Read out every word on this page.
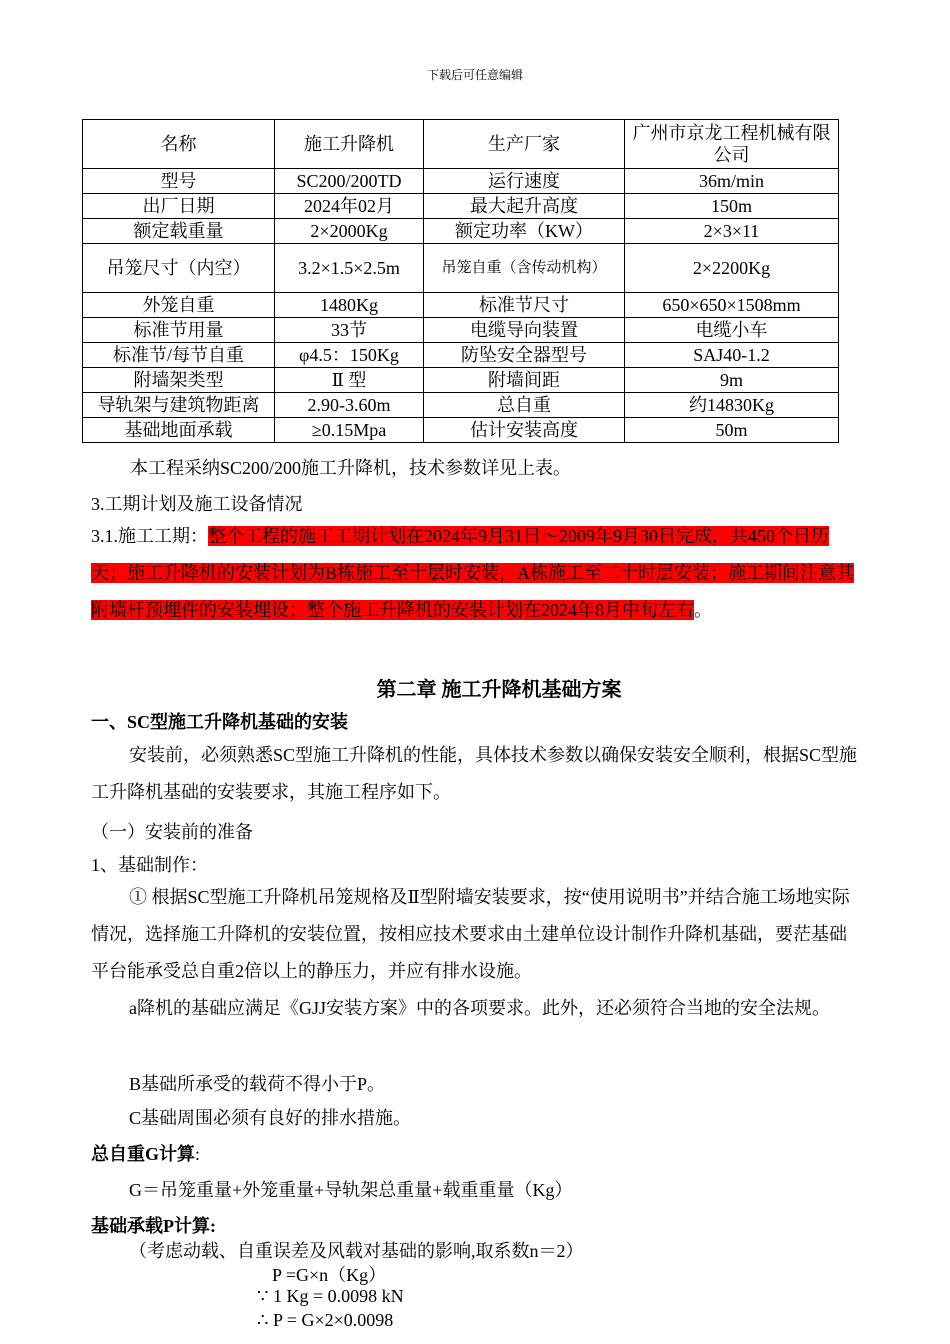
下载后可任意编辑
名称	施工升降机	生产厂家	广州市京龙工程机械有限公司
型号	SC200/200TD	运行速度	36m/min
出厂日期	2024年02月	最大起升高度	150m
额定载重量	2×2000Kg	额定功率（KW）	2×3×11
吊笼尺寸（内空）	3.2×1.5×2.5m	吊笼自重（含传动机构）	2×2200Kg
外笼自重	1480Kg	标准节尺寸	650×650×1508mm
标准节用量	33节	电缆导向装置	电缆小车
标准节/每节自重	φ4.5：150Kg	防坠安全器型号	SAJ40-1.2
附墙架类型	Ⅱ 型	附墙间距	9m
导轨架与建筑物距离	2.90-3.60m	总自重	约14830Kg
基础地面承载	≥0.15Mpa	估计安装高度	50m
本工程采纳SC200/200施工升降机，技术参数详见上表。
3.工期计划及施工设备情况
3.1.施工工期：整个工程的施工工期计划在2024年9月31日～2009年9月30日完成，共450个日历天；施工升降机的安装计划为B栋施工至十层时安装，A栋施工至二十时层安装；施工期间注意其附墙杆预埋件的安装埋设；整个施工升降机的安装计划在2024年8月中旬左右。
第二章 施工升降机基础方案
一、SC型施工升降机基础的安装
安装前，必须熟悉SC型施工升降机的性能，具体技术参数以确保安装安全顺利，根据SC型施工升降机基础的安装要求，其施工程序如下。
（一）安装前的准备
1、基础制作：
① 根据SC型施工升降机吊笼规格及Ⅱ型附墙安装要求，按“使用说明书”并结合施工场地实际情况，选择施工升降机的安装位置，按相应技术要求由土建单位设计制作升降机基础，要茫基础平台能承受总自重2倍以上的静压力，并应有排水设施。
a降机的基础应满足《GJJ安装方案》中的各项要求。此外，还必须符合当地的安全法规。
B基础所承受的载荷不得小于P。
C基础周围必须有良好的排水措施。
总自重G计算:
G＝吊笼重量+外笼重量+导轨架总重量+载重重量（Kg）
基础承载P计算:
（考虑动载、自重误差及风载对基础的影响,取系数n＝2）
P =G×n（Kg）
∵ 1 Kg = 0.0098 kN
∴ P = G×2×0.0098
